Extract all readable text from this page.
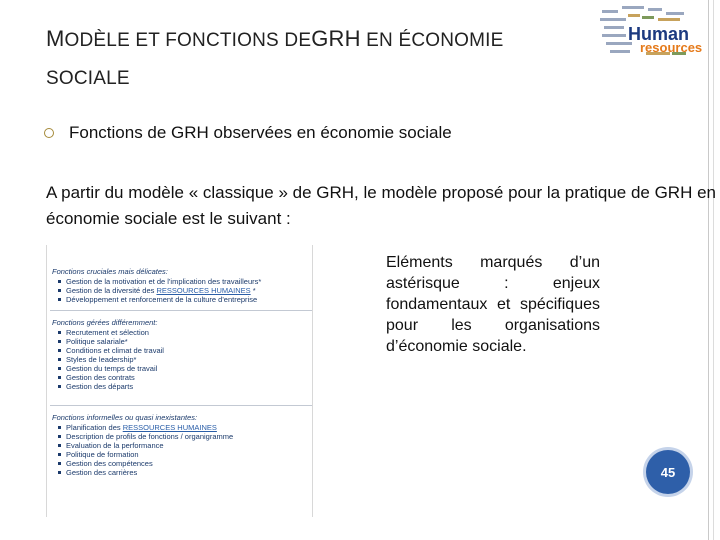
MODÈLE ET FONCTIONS DEGRH EN ÉCONOMIE
SOCIALE
Human
resources
Fonctions de GRH observées en économie sociale
A partir du modèle « classique » de GRH, le modèle proposé pour la pratique de GRH en économie sociale est le suivant :
Fonctions cruciales mais délicates:
Gestion de la motivation et de l'implication des travailleurs*
Gestion de la diversité des RESSOURCES HUMAINES *
Développement et renforcement de la culture d'entreprise
Fonctions gérées différemment:
Recrutement et sélection
Politique salariale*
Conditions et climat de travail
Styles de leadership*
Gestion du temps de travail
Gestion des contrats
Gestion des départs
Fonctions informelles ou quasi inexistantes:
Planification des RESSOURCES HUMAINES
Description de profils de fonctions / organigramme
Evaluation de la performance
Politique de formation
Gestion des compétences
Gestion des carrières
Eléments marqués d’un astérisque : enjeux fondamentaux et spécifiques pour les organisations d’économie sociale.
45
